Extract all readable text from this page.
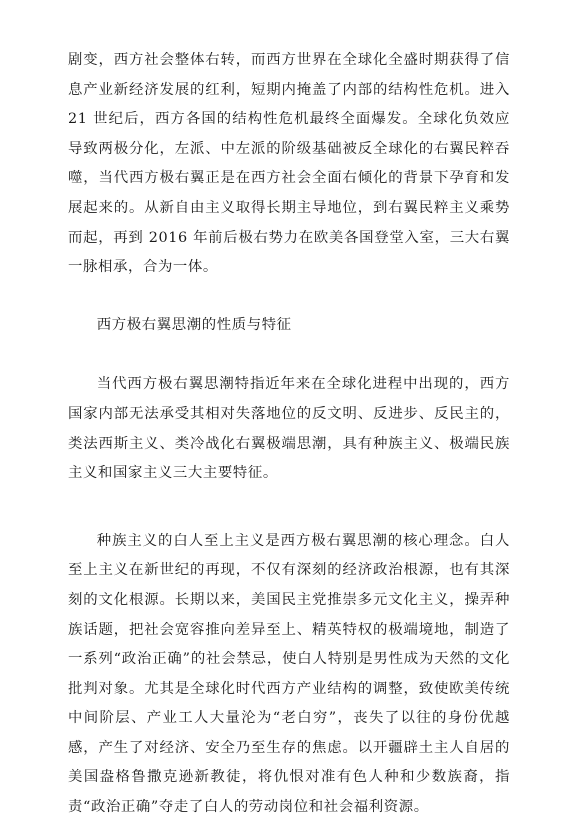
剧变，西方社会整体右转，而西方世界在全球化全盛时期获得了信息产业新经济发展的红利，短期内掩盖了内部的结构性危机。进入 21 世纪后，西方各国的结构性危机最终全面爆发。全球化负效应导致两极分化，左派、中左派的阶级基础被反全球化的右翼民粹吞噬，当代西方极右翼正是在西方社会全面右倾化的背景下孕育和发展起来的。从新自由主义取得长期主导地位，到右翼民粹主义乘势而起，再到 2016 年前后极右势力在欧美各国登堂入室，三大右翼一脉相承，合为一体。

西方极右翼思潮的性质与特征

当代西方极右翼思潮特指近年来在全球化进程中出现的，西方国家内部无法承受其相对失落地位的反文明、反进步、反民主的，类法西斯主义、类冷战化右翼极端思潮，具有种族主义、极端民族主义和国家主义三大主要特征。

种族主义的白人至上主义是西方极右翼思潮的核心理念。白人至上主义在新世纪的再现，不仅有深刻的经济政治根源，也有其深刻的文化根源。长期以来，美国民主党推崇多元文化主义，操弄种族话题，把社会宽容推向差异至上、精英特权的极端境地，制造了一系列“政治正确”的社会禁忌，使白人特别是男性成为天然的文化批判对象。尤其是全球化时代西方产业结构的调整，致使欧美传统中间阶层、产业工人大量沦为“老白穷”，丧失了以往的身份优越感，产生了对经济、安全乃至生存的焦虑。以开疆辟土主人自居的美国盎格鲁撒克逊新教徒，将仇恨对准有色人种和少数族裔，指责“政治正确”夺走了白人的劳动岗位和社会福利资源。
